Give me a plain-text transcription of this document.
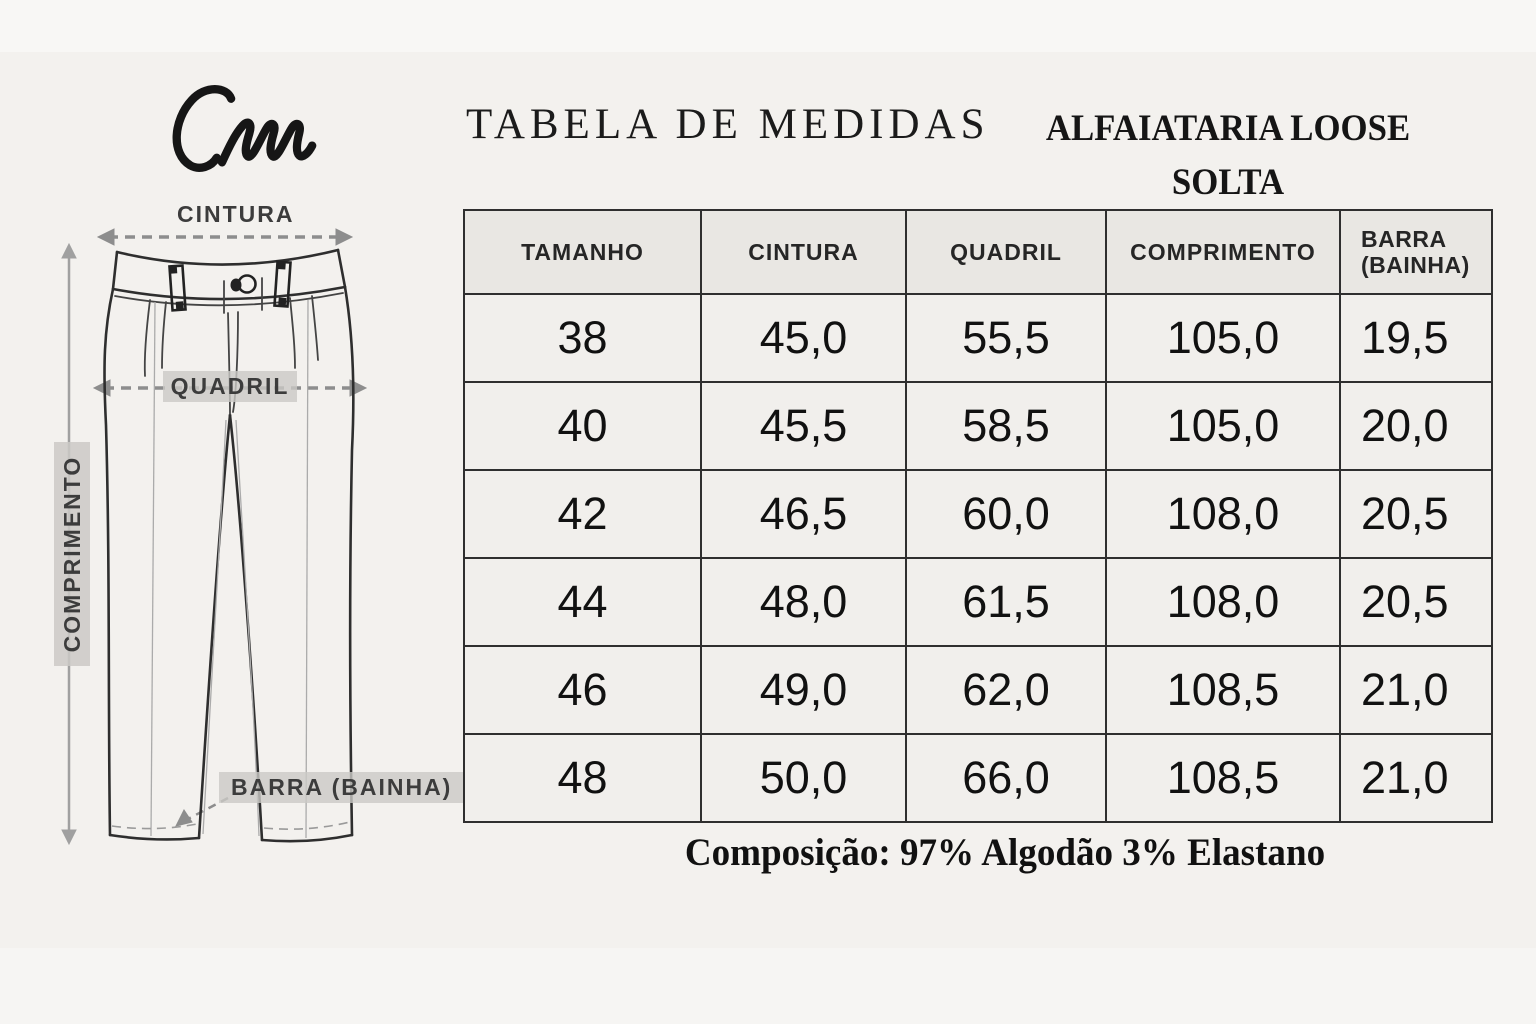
CINTURA
QUADRIL
COMPRIMENTO
BARRA (BAINHA)
TABELA DE MEDIDAS	ALFAIATARIA LOOSE
SOLTA
TAMANHO	CINTURA	QUADRIL	COMPRIMENTO	BARRA
(BAINHA)
38	45,0	55,5	105,0	19,5
40	45,5	58,5	105,0	20,0
42	46,5	60,0	108,0	20,5
44	48,0	61,5	108,0	20,5
46	49,0	62,0	108,5	21,0
48	50,0	66,0	108,5	21,0
Composição: 97% Algodão 3% Elastano
